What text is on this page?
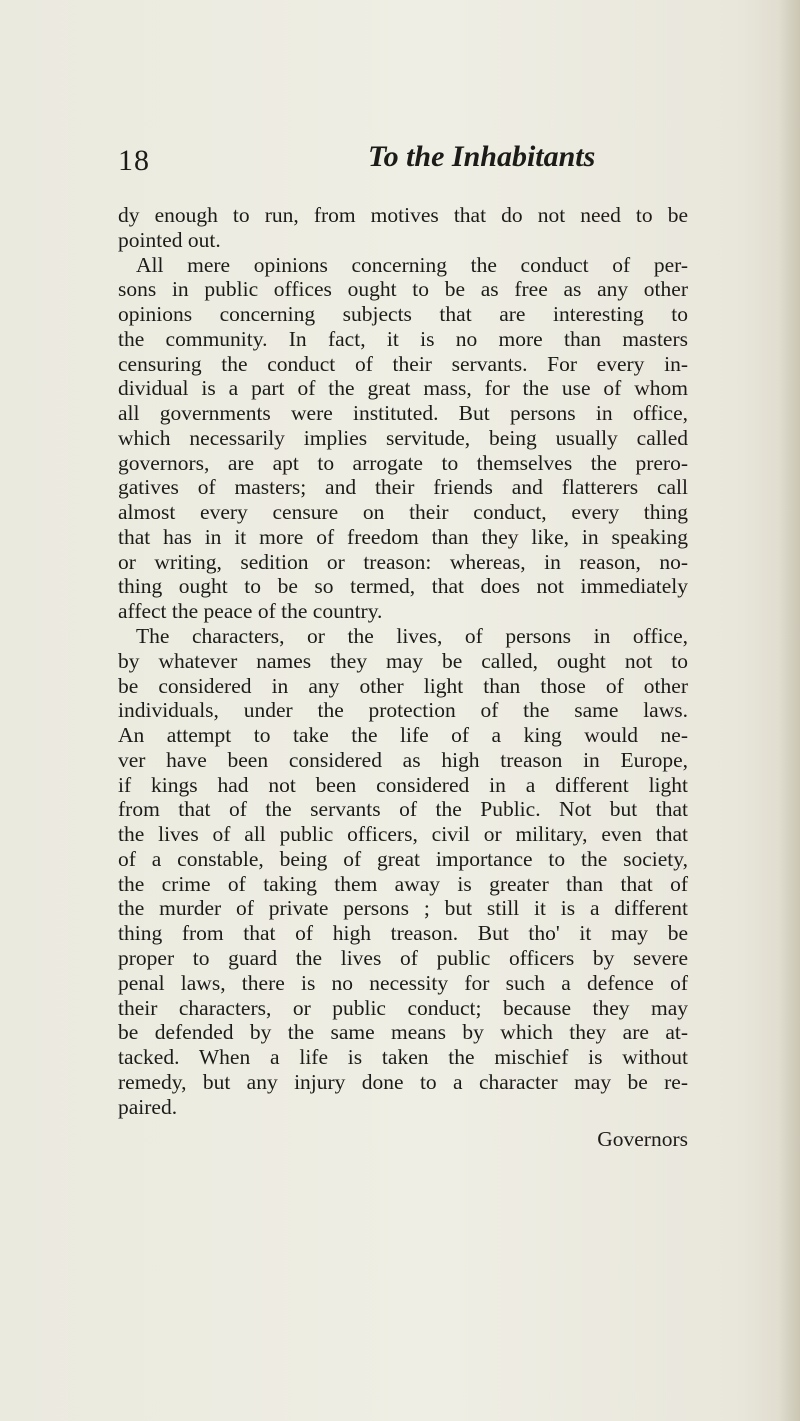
18	To the Inhabitants
dy enough to run, from motives that do not need to be
pointed out.
All mere opinions concerning the conduct of per-
sons in public offices ought to be as free as any other
opinions concerning subjects that are interesting to
the community. In fact, it is no more than masters
censuring the conduct of their servants. For every in-
dividual is a part of the great mass, for the use of whom
all governments were instituted. But persons in office,
which necessarily implies servitude, being usually called
governors, are apt to arrogate to themselves the prero-
gatives of masters; and their friends and flatterers call
almost every censure on their conduct, every thing
that has in it more of freedom than they like, in speaking
or writing, sedition or treason: whereas, in reason, no-
thing ought to be so termed, that does not immediately
affect the peace of the country.
The characters, or the lives, of persons in office,
by whatever names they may be called, ought not to
be considered in any other light than those of other
individuals, under the protection of the same laws.
An attempt to take the life of a king would ne-
ver have been considered as high treason in Europe,
if kings had not been considered in a different light
from that of the servants of the Public. Not but that
the lives of all public officers, civil or military, even that
of a constable, being of great importance to the society,
the crime of taking them away is greater than that of
the murder of private persons ; but still it is a different
thing from that of high treason. But tho' it may be
proper to guard the lives of public officers by severe
penal laws, there is no necessity for such a defence of
their characters, or public conduct; because they may
be defended by the same means by which they are at-
tacked. When a life is taken the mischief is without
remedy, but any injury done to a character may be re-
paired.
Governors
